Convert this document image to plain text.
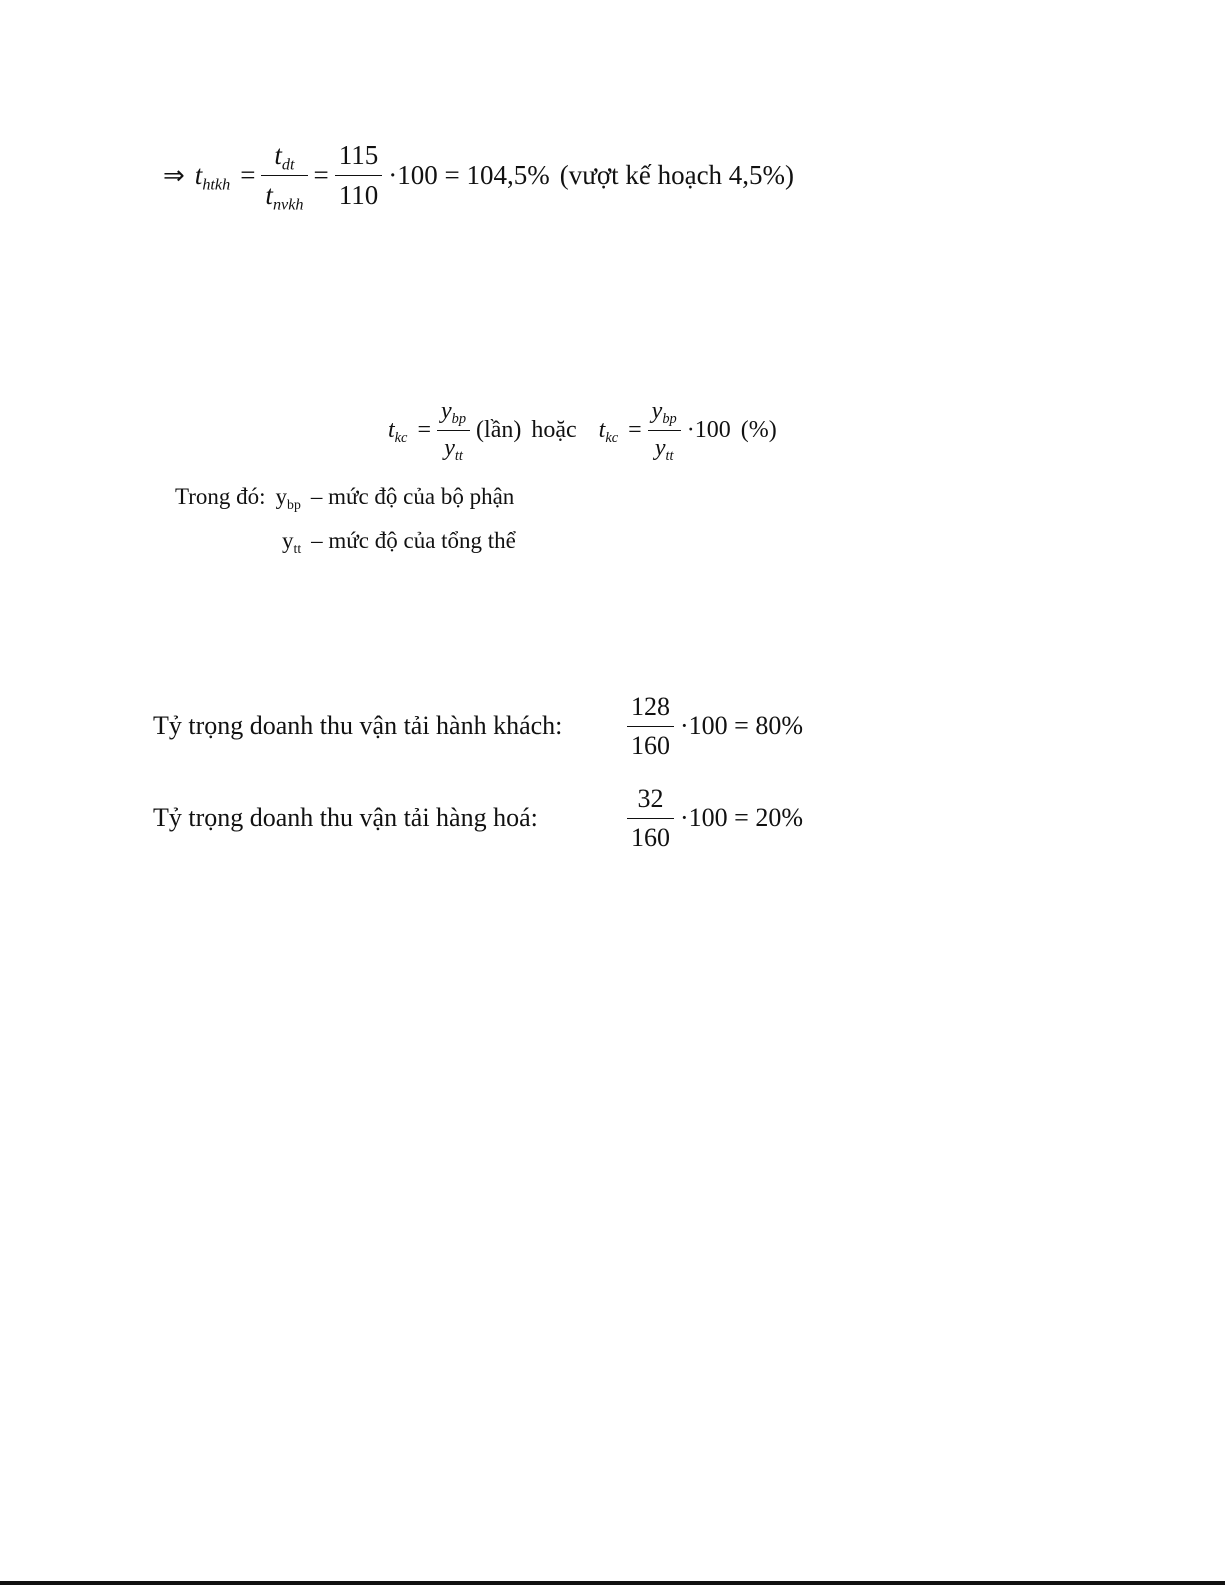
⇒ $t_{htkh} = \frac{t_{dt}}{t_{nvkh}} = \frac{115}{110} \cdot 100 = 104,5\%$ (vượt kế hoạch 4,5%)
$t_{kc} = \frac{y_{bp}}{y_{tt}}$ (lần) hoặc $t_{kc} = \frac{y_{bp}}{y_{tt}} \cdot 100$ (%)
Trong đó: $y_{bp}$ – mức độ của bộ phận
$y_{tt}$ – mức độ của tổng thể
Tỷ trọng doanh thu vận tải hành khách:	$\frac{128}{160} \cdot 100 = 80\%$
Tỷ trọng doanh thu vận tải hàng hoá:	$\frac{32}{160} \cdot 100 = 20\%$
